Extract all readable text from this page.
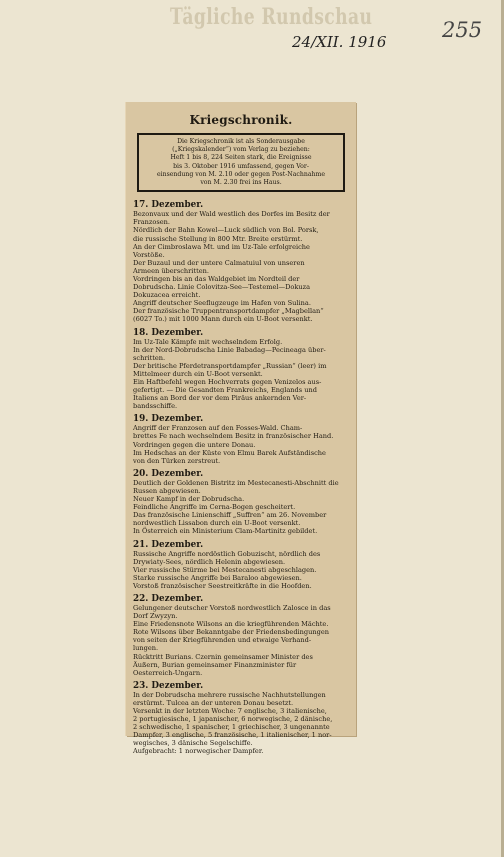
Tägliche Rundschau
24/XII. 1916	255
Kriegschronik.
Die Kriegschronik ist als Sonderausgabe
(„Kriegskalender“) vom Verlag zu beziehen:
Heft 1 bis 8, 224 Seiten stark, die Ereignisse
bis 3. Oktober 1916 umfassend, gegen Vor-
einsendung von M. 2.10 oder gegen Post-Nachnahme
von M. 2.30 frei ins Haus.
17. Dezember.
Bezonvaux und der Wald westlich des Dorfes im Besitz der
Franzosen.
Nördlich der Bahn Kowel—Luck südlich von Bol. Porsk,
die russische Stellung in 800 Mtr. Breite erstürmt.
An der Cimbroslawa Mt. und im Uz-Tale erfolgreiche
Vorstöße.
Der Buzaul und der untere Calmatuiul von unseren
Armeen überschritten.
Vordringen bis an das Waldgebiet im Nordteil der
Dobrudscha. Linie Colovitza-See—Testemel—Dokuza
Dokuzacea erreicht.
Angriff deutscher Seeflugzeuge im Hafen von Sulina.
Der französische Truppentransportdampfer „Magbellan“
(6027 To.) mit 1000 Mann durch ein U-Boot versenkt.
18. Dezember.
Im Uz-Tale Kämpfe mit wechselndem Erfolg.
In der Nord-Dobrudscha Linie Babadag—Pecineaga über-
schritten.
Der britische Pferdetransportdampfer „Russian“ (leer) im
Mittelmeer durch ein U-Boot versenkt.
Ein Haftbefehl wegen Hochverrats gegen Venizelos aus-
gefertigt. — Die Gesandten Frankreichs, Englands und
Italiens an Bord der vor dem Piräus ankernden Ver-
bandsschiffe.
19. Dezember.
Angriff der Franzosen auf den Fosses-Wald. Cham-
brettes Fe nach wechselndem Besitz in französischer Hand.
Vordringen gegen die untere Donau.
Im Hedschas an der Küste von Elmu Barek Aufständische
von den Türken zerstreut.
20. Dezember.
Deutlich der Goldenen Bistritz im Mestecanesti-Abschnitt die
Russen abgewiesen.
Neuer Kampf in der Dobrudscha.
Feindliche Angriffe im Cerna-Bogen gescheitert.
Das französische Linienschiff „Suffren“ am 26. November
nordwestlich Lissabon durch ein U-Boot versenkt.
In Österreich ein Ministerium Clam-Martinitz gebildet.
21. Dezember.
Russische Angriffe nordöstlich Gobuzischt, nördlich des
Drywiaty-Sees, nördlich Helenin abgewiesen.
Vier russische Stürme bei Mestecanesti abgeschlagen.
Starke russische Angriffe bei Baraloo abgewiesen.
Vorstoß französischer Seestreitkräfte in die Hoofden.
22. Dezember.
Gelungener deutscher Vorstoß nordwestlich Zalosce in das
Dorf Zwyzyn.
Eine Friedensnote Wilsons an die kriegführenden Mächte.
Rote Wilsons über Bekanntgabe der Friedensbedingungen
von seiten der Kriegführenden und etwaige Verhand-
lungen.
Rücktritt Burians. Czernin gemeinsamer Minister des
Äußern, Burian gemeinsamer Finanzminister für
Oesterreich-Ungarn.
23. Dezember.
In der Dobrudscha mehrere russische Nachhutstellungen
erstürmt. Tulcea an der unteren Donau besetzt.
Versenkt in der letzten Woche: 7 englische, 3 italienische,
2 portugiesische, 1 japanischer, 6 norwegische, 2 dänische,
2 schwedische, 1 spanischer, 1 griechischer, 3 ungenannte
Dampfer, 3 englische, 5 französische, 1 italienischer, 1 nor-
wegisches, 3 dänische Segelschiffe.
Aufgebracht: 1 norwegischer Dampfer.
